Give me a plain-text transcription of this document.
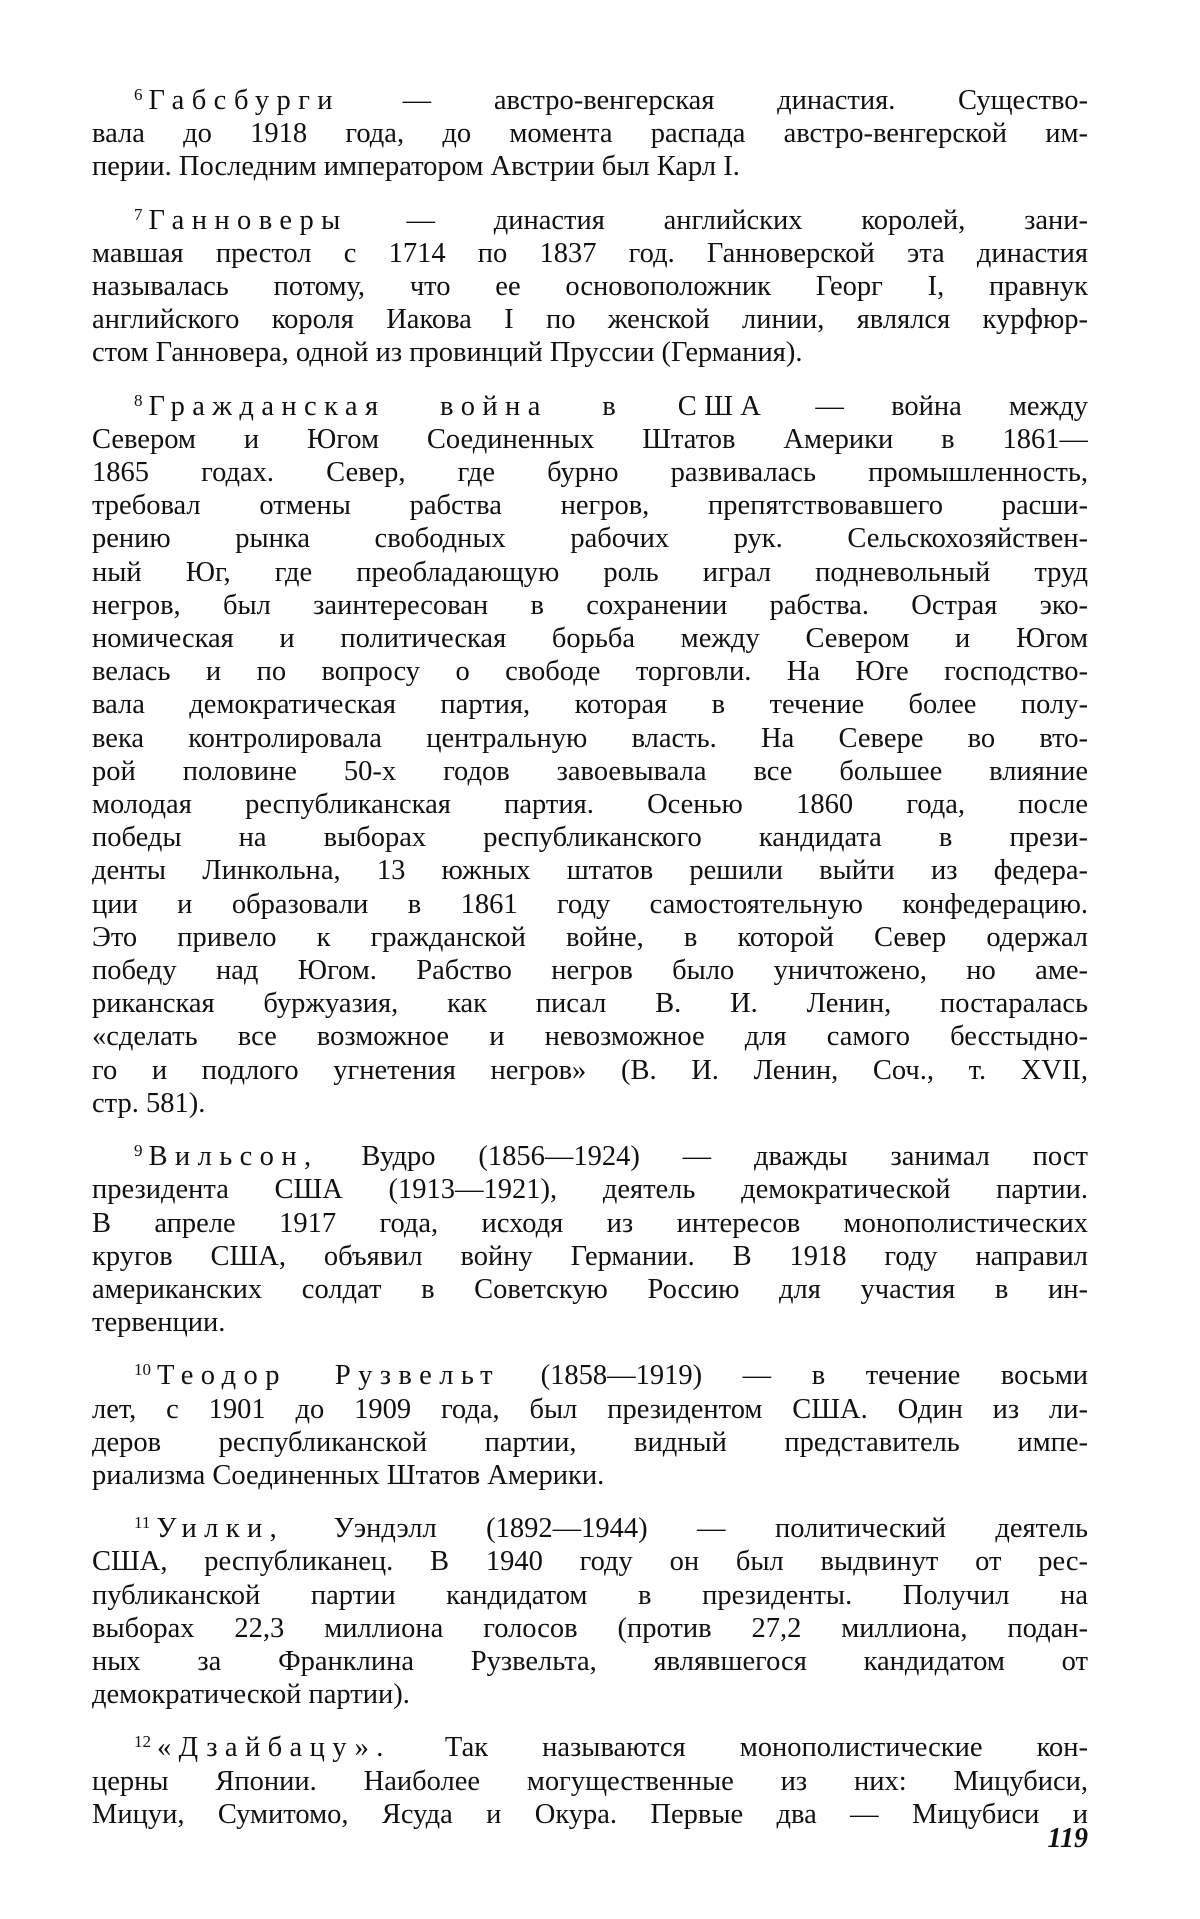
$^6$ Габсбурги — австро-венгерская династия. Существо-
вала до 1918 года, до момента распада австро-венгерской им-
перии. Последним императором Австрии был Карл I.
$^7$ Ганноверы — династия английских королей, зани-
мавшая престол с 1714 по 1837 год. Ганноверской эта династия
называлась потому, что ее основоположник Георг I, правнук
английского короля Иакова I по женской линии, являлся курфюр-
стом Ганновера, одной из провинций Пруссии (Германия).
$^8$ Гражданская война в США — война между
Севером и Югом Соединенных Штатов Америки в 1861—
1865 годах. Север, где бурно развивалась промышленность,
требовал отмены рабства негров, препятствовавшего расши-
рению рынка свободных рабочих рук. Сельскохозяйствен-
ный Юг, где преобладающую роль играл подневольный труд
негров, был заинтересован в сохранении рабства. Острая эко-
номическая и политическая борьба между Севером и Югом
велась и по вопросу о свободе торговли. На Юге господство-
вала демократическая партия, которая в течение более полу-
века контролировала центральную власть. На Севере во вто-
рой половине 50-х годов завоевывала все большее влияние
молодая республиканская партия. Осенью 1860 года, после
победы на выборах республиканского кандидата в прези-
денты Линкольна, 13 южных штатов решили выйти из федера-
ции и образовали в 1861 году самостоятельную конфедерацию.
Это привело к гражданской войне, в которой Север одержал
победу над Югом. Рабство негров было уничтожено, но аме-
риканская буржуазия, как писал В. И. Ленин, постаралась
«сделать все возможное и невозможное для самого бесстыдно-
го и подлого угнетения негров» (В. И. Ленин, Соч., т. XVII,
стр. 581).
$^9$ Вильсон, Вудро (1856—1924) — дважды занимал пост
президента США (1913—1921), деятель демократической партии.
В апреле 1917 года, исходя из интересов монополистических
кругов США, объявил войну Германии. В 1918 году направил
американских солдат в Советскую Россию для участия в ин-
тервенции.
$^{10}$ Теодор Рузвельт (1858—1919) — в течение восьми
лет, с 1901 до 1909 года, был президентом США. Один из ли-
деров республиканской партии, видный представитель импе-
риализма Соединенных Штатов Америки.
$^{11}$ Уилки, Уэндэлл (1892—1944) — политический деятель
США, республиканец. В 1940 году он был выдвинут от рес-
публиканской партии кандидатом в президенты. Получил на
выборах 22,3 миллиона голосов (против 27,2 миллиона, подан-
ных за Франклина Рузвельта, являвшегося кандидатом от
демократической партии).
$^{12}$ «Дзайбацу». Так называются монополистические кон-
церны Японии. Наиболее могущественные из них: Мицубиси,
Мицуи, Сумитомо, Ясуда и Окура. Первые два — Мицубиси и
119
